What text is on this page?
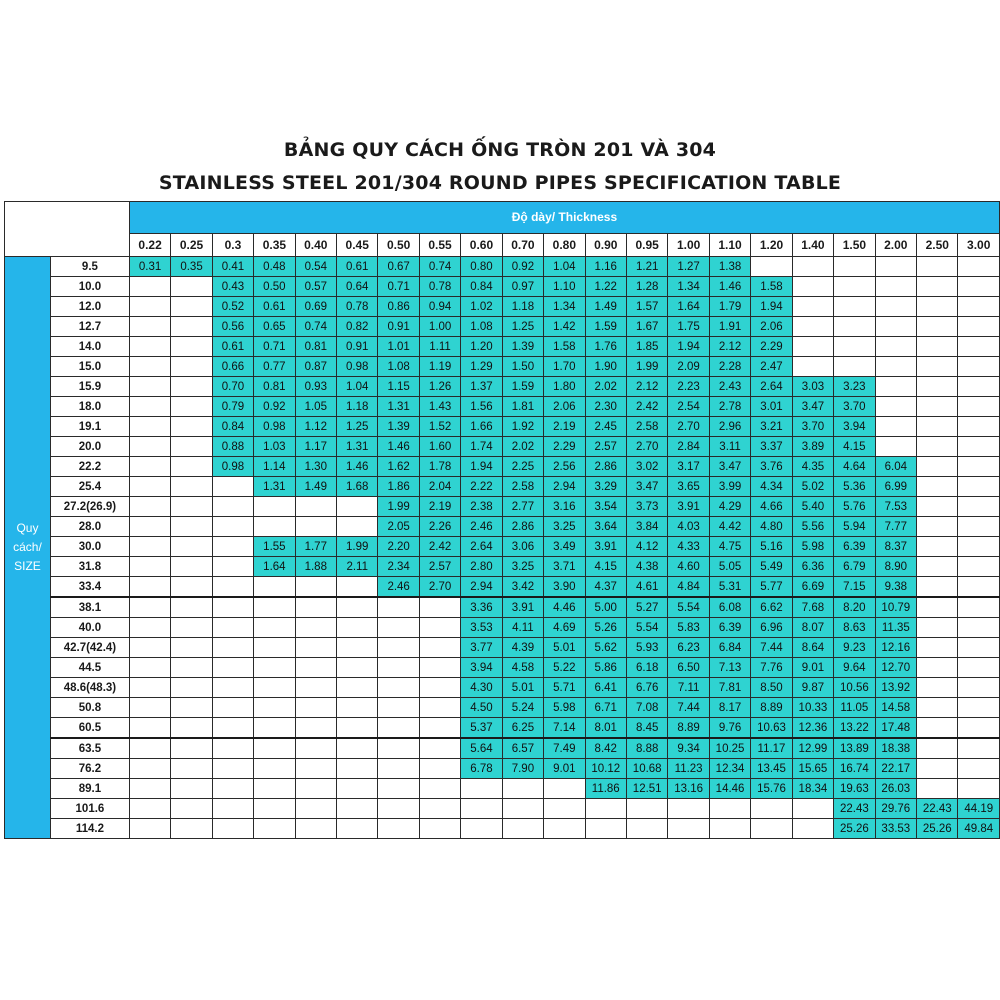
BẢNG QUY CÁCH ỐNG TRÒN 201 VÀ 304
STAINLESS STEEL 201/304 ROUND PIPES SPECIFICATION TABLE
		Độ dày/ Thickness																				
		0.22	0.25	0.3	0.35	0.40	0.45	0.50	0.55	0.60	0.70	0.80	0.90	0.95	1.00	1.10	1.20	1.40	1.50	2.00	2.50	3.00
Quy cách/ SIZE	9.5	0.31	0.35	0.41	0.48	0.54	0.61	0.67	0.74	0.80	0.92	1.04	1.16	1.21	1.27	1.38						
	10.0			0.43	0.50	0.57	0.64	0.71	0.78	0.84	0.97	1.10	1.22	1.28	1.34	1.46	1.58					
	12.0			0.52	0.61	0.69	0.78	0.86	0.94	1.02	1.18	1.34	1.49	1.57	1.64	1.79	1.94					
	12.7			0.56	0.65	0.74	0.82	0.91	1.00	1.08	1.25	1.42	1.59	1.67	1.75	1.91	2.06					
	14.0			0.61	0.71	0.81	0.91	1.01	1.11	1.20	1.39	1.58	1.76	1.85	1.94	2.12	2.29					
	15.0			0.66	0.77	0.87	0.98	1.08	1.19	1.29	1.50	1.70	1.90	1.99	2.09	2.28	2.47					
	15.9			0.70	0.81	0.93	1.04	1.15	1.26	1.37	1.59	1.80	2.02	2.12	2.23	2.43	2.64	3.03	3.23			
	18.0			0.79	0.92	1.05	1.18	1.31	1.43	1.56	1.81	2.06	2.30	2.42	2.54	2.78	3.01	3.47	3.70			
	19.1			0.84	0.98	1.12	1.25	1.39	1.52	1.66	1.92	2.19	2.45	2.58	2.70	2.96	3.21	3.70	3.94			
	20.0			0.88	1.03	1.17	1.31	1.46	1.60	1.74	2.02	2.29	2.57	2.70	2.84	3.11	3.37	3.89	4.15			
	22.2			0.98	1.14	1.30	1.46	1.62	1.78	1.94	2.25	2.56	2.86	3.02	3.17	3.47	3.76	4.35	4.64	6.04		
	25.4				1.31	1.49	1.68	1.86	2.04	2.22	2.58	2.94	3.29	3.47	3.65	3.99	4.34	5.02	5.36	6.99		
	27.2(26.9)							1.99	2.19	2.38	2.77	3.16	3.54	3.73	3.91	4.29	4.66	5.40	5.76	7.53		
	28.0							2.05	2.26	2.46	2.86	3.25	3.64	3.84	4.03	4.42	4.80	5.56	5.94	7.77		
	30.0				1.55	1.77	1.99	2.20	2.42	2.64	3.06	3.49	3.91	4.12	4.33	4.75	5.16	5.98	6.39	8.37		
	31.8				1.64	1.88	2.11	2.34	2.57	2.80	3.25	3.71	4.15	4.38	4.60	5.05	5.49	6.36	6.79	8.90		
	33.4							2.46	2.70	2.94	3.42	3.90	4.37	4.61	4.84	5.31	5.77	6.69	7.15	9.38		
	38.1									3.36	3.91	4.46	5.00	5.27	5.54	6.08	6.62	7.68	8.20	10.79		
	40.0									3.53	4.11	4.69	5.26	5.54	5.83	6.39	6.96	8.07	8.63	11.35		
	42.7(42.4)									3.77	4.39	5.01	5.62	5.93	6.23	6.84	7.44	8.64	9.23	12.16		
	44.5									3.94	4.58	5.22	5.86	6.18	6.50	7.13	7.76	9.01	9.64	12.70		
	48.6(48.3)									4.30	5.01	5.71	6.41	6.76	7.11	7.81	8.50	9.87	10.56	13.92		
	50.8									4.50	5.24	5.98	6.71	7.08	7.44	8.17	8.89	10.33	11.05	14.58		
	60.5									5.37	6.25	7.14	8.01	8.45	8.89	9.76	10.63	12.36	13.22	17.48		
	63.5									5.64	6.57	7.49	8.42	8.88	9.34	10.25	11.17	12.99	13.89	18.38		
	76.2									6.78	7.90	9.01	10.12	10.68	11.23	12.34	13.45	15.65	16.74	22.17		
	89.1												11.86	12.51	13.16	14.46	15.76	18.34	19.63	26.03		
	101.6																		22.43	29.76	22.43	44.19
	114.2																		25.26	33.53	25.26	49.84
